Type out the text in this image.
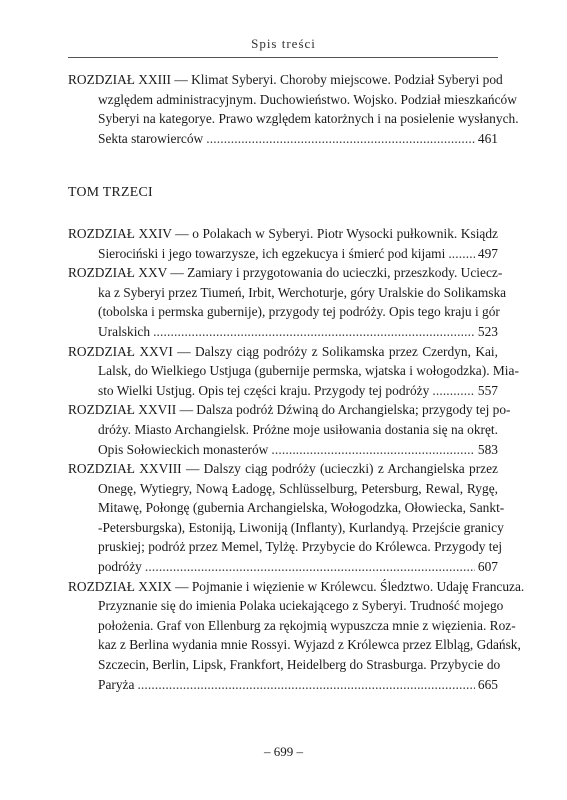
Spis treści
ROZDZIAŁ XXIII — Klimat Syberyi. Choroby miejscowe. Podział Syberyi pod
względem administracyjnym. Duchowieństwo. Wojsko. Podział mieszkańców
Syberyi na kategorye. Prawo względem katorżnych i na posielenie wysłanych.
Sekta starowierców . . .	461
TOM TRZECI
ROZDZIAŁ XXIV — o Polakach w Syberyi. Piotr Wysocki pułkownik. Ksiądz
Sierociński i jego towarzysze, ich egzekucya i śmierć pod kijami . . . 497
ROZDZIAŁ XXV — Zamiary i przygotowania do ucieczki, przeszkody. Uciecz-
ka z Syberyi przez Tiumeń, Irbit, Werchoturje, góry Uralskie do Solikamska
(tobolska i permska gubernije), przygody tej podróży. Opis tego kraju i gór
Uralskich . . .	523
ROZDZIAŁ XXVI — Dalszy ciąg podróży z Solikamska przez Czerdyn, Kai,
Lalsk, do Wielkiego Ustjuga (gubernije permska, wjatska i wołogodzka). Mia-
sto Wielki Ustjug. Opis tej części kraju. Przygody tej podróży . . .	557
ROZDZIAŁ XXVII — Dalsza podróż Dźwiną do Archangielska; przygody tej po-
dróży. Miasto Archangielsk. Próżne moje usiłowania dostania się na okręt.
Opis Sołowieckich monasterów . . .	583
ROZDZIAŁ XXVIII — Dalszy ciąg podróży (ucieczki) z Archangielska przez
Onegę, Wytiegry, Nową Ładogę, Schlüsselburg, Petersburg, Rewal, Rygę,
Mitawę, Połongę (gubernia Archangielska, Wołogodzka, Ołowiecka, Sankt-
-Petersburgska), Estoniją, Liwoniją (Inflanty), Kurlandyą. Przejście granicy
pruskiej; podróż przez Memel, Tylżę. Przybycie do Królewca. Przygody tej
podróży . . .	607
ROZDZIAŁ XXIX — Pojmanie i więzienie w Królewcu. Śledztwo. Udaję Francuza.
Przyznanie się do imienia Polaka uciekającego z Syberyi. Trudność mojego
położenia. Graf von Ellenburg za rękojmią wypuszcza mnie z więzienia. Roz-
kaz z Berlina wydania mnie Rossyi. Wyjazd z Królewca przez Elbląg, Gdańsk,
Szczecin, Berlin, Lipsk, Frankfort, Heidelberg do Strasburga. Przybycie do
Paryża . . .	665
– 699 –
